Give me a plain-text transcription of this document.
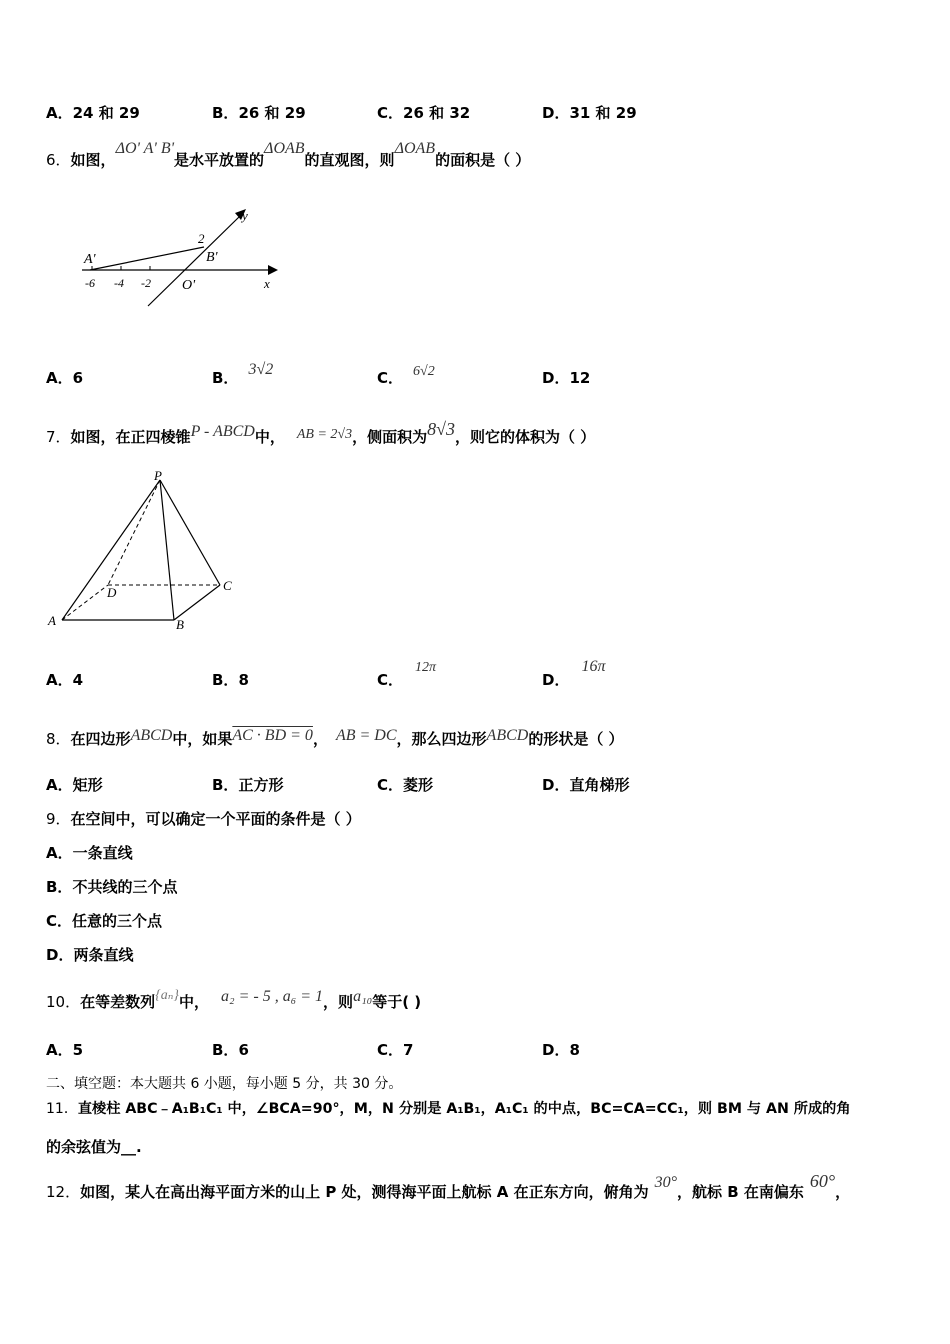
A．24 和 29	B．26 和 29	C．26 和 32	D．31 和 29
6．如图，ΔO' A' B'是水平放置的ΔOAB的直观图，则ΔOAB的面积是（ ）
y
x
A'	B'
O'
2
-6 -4 -2
A．6	B． 3√2	C． 6√2	D．12
7．如图，在正四棱锥P - ABCD中， AB = 2√3，侧面积为8√3，则它的体积为（ ）
P
A	B
C
D
A．4	B．8	C．12π
D．16π
8．在四边形ABCD中，如果AC · BD = 0， AB = DC，那么四边形ABCD的形状是（ ）
A．矩形	B．正方形	C．菱形	D．直角梯形
9．在空间中，可以确定一个平面的条件是（ ）
A．一条直线
B．不共线的三个点
C．任意的三个点
D．两条直线
10．在等差数列{aₙ}中， a₂ = - 5 , a₆ = 1，则a₁₀等于( )
A．5	B．6	C．7	D．8
二、填空题：本大题共 6 小题，每小题 5 分，共 30 分。
11．直棱柱 ABC﹣A₁B₁C₁ 中，∠BCA=90°，M，N 分别是 A₁B₁，A₁C₁ 的中点，BC=CA=CC₁，则 BM 与 AN 所成的角
的余弦值为__.
12．如图，某人在高出海平面方米的山上 P 处，测得海平面上航标 A 在正东方向，俯角为30°，航标 B 在南偏东60°，
